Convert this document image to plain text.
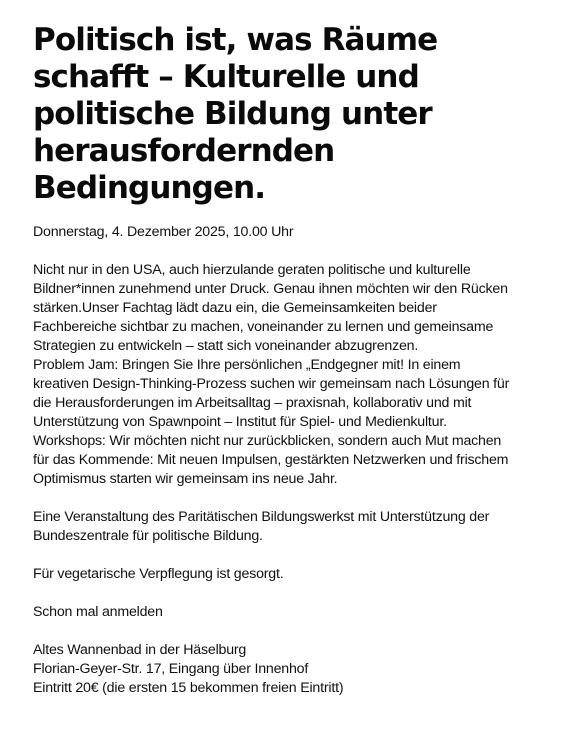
Politisch ist, was Räume
schafft – Kulturelle und
politische Bildung unter
herausfordernden
Bedingungen.

Donnerstag, 4. Dezember 2025, 10.00 Uhr

Nicht nur in den USA, auch hierzulande geraten politische und kulturelle
Bildner*innen zunehmend unter Druck. Genau ihnen möchten wir den Rücken
stärken.Unser Fachtag lädt dazu ein, die Gemeinsamkeiten beider
Fachbereiche sichtbar zu machen, voneinander zu lernen und gemeinsame
Strategien zu entwickeln – statt sich voneinander abzugrenzen.
Problem Jam: Bringen Sie Ihre persönlichen „Endgegner mit! In einem
kreativen Design-Thinking-Prozess suchen wir gemeinsam nach Lösungen für
die Herausforderungen im Arbeitsalltag – praxisnah, kollaborativ und mit
Unterstützung von Spawnpoint – Institut für Spiel- und Medienkultur.
Workshops: Wir möchten nicht nur zurückblicken, sondern auch Mut machen
für das Kommende: Mit neuen Impulsen, gestärkten Netzwerken und frischem
Optimismus starten wir gemeinsam ins neue Jahr.

Eine Veranstaltung des Paritätischen Bildungswerkst mit Unterstützung der
Bundeszentrale für politische Bildung.

Für vegetarische Verpflegung ist gesorgt.

Schon mal anmelden

Altes Wannenbad in der Häselburg
Florian-Geyer-Str. 17, Eingang über Innenhof
Eintritt 20€ (die ersten 15 bekommen freien Eintritt)
